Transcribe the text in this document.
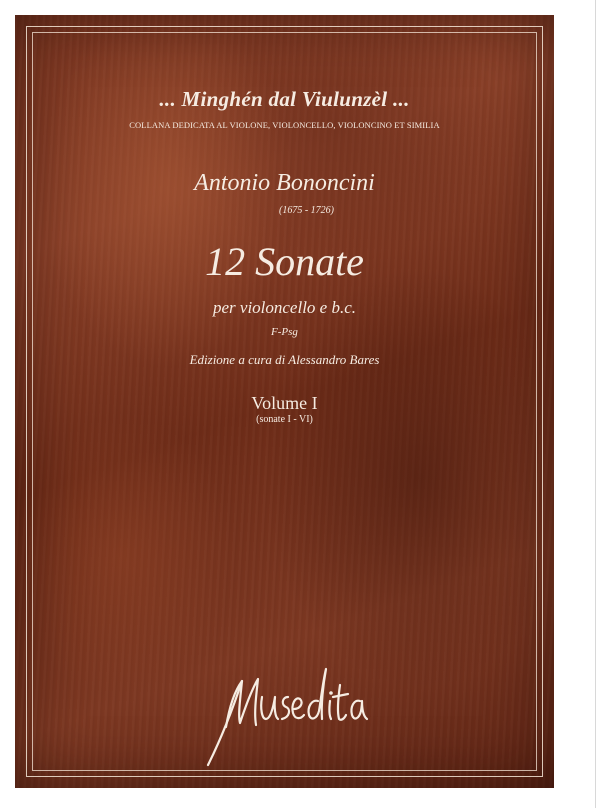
... Minghén dal Viulunzèl ...
COLLANA DEDICATA AL VIOLONE, VIOLONCELLO, VIOLONCINO ET SIMILIA
Antonio Bononcini
(1675 - 1726)
12 Sonate
per violoncello e b.c.
F-Psg
Edizione a cura di Alessandro Bares
Volume I
(sonate I - VI)
